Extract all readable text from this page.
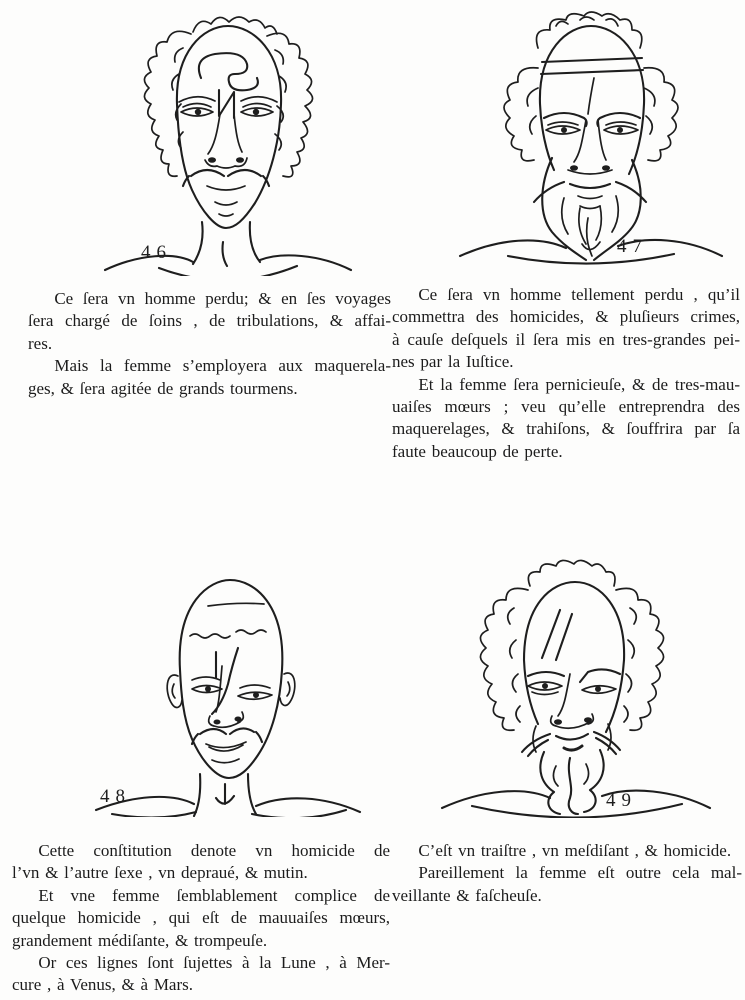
46	47
48	49
Ce ſera vn homme perdu; & en ſes voyages
ſera chargé de ſoins , de tribulations, & affai-
res.
Mais la femme s’employera aux maquerela-
ges, & ſera agitée de grands tourmens.
Ce ſera vn homme tellement perdu , qu’il
commettra des homicides, & pluſieurs crimes,
à cauſe deſquels il ſera mis en tres-grandes pei-
nes par la Iuſtice.
Et la femme ſera pernicieuſe, & de tres-mau-
uaiſes mœurs ; veu qu’elle entreprendra des
maquerelages, & trahiſons, & ſouffrira par ſa
faute beaucoup de perte.
Cette conſtitution denote vn homicide de
l’vn & l’autre ſexe , vn depraué, & mutin.
Et vne femme ſemblablement complice de
quelque homicide , qui eſt de mauuaiſes mœurs,
grandement médiſante, & trompeuſe.
Or ces lignes ſont ſujettes à la Lune , à Mer-
cure , à Venus, & à Mars.
C’eſt vn traiſtre , vn meſdiſant , & homicide.
Pareillement la femme eſt outre cela mal-
veillante & faſcheuſe.
